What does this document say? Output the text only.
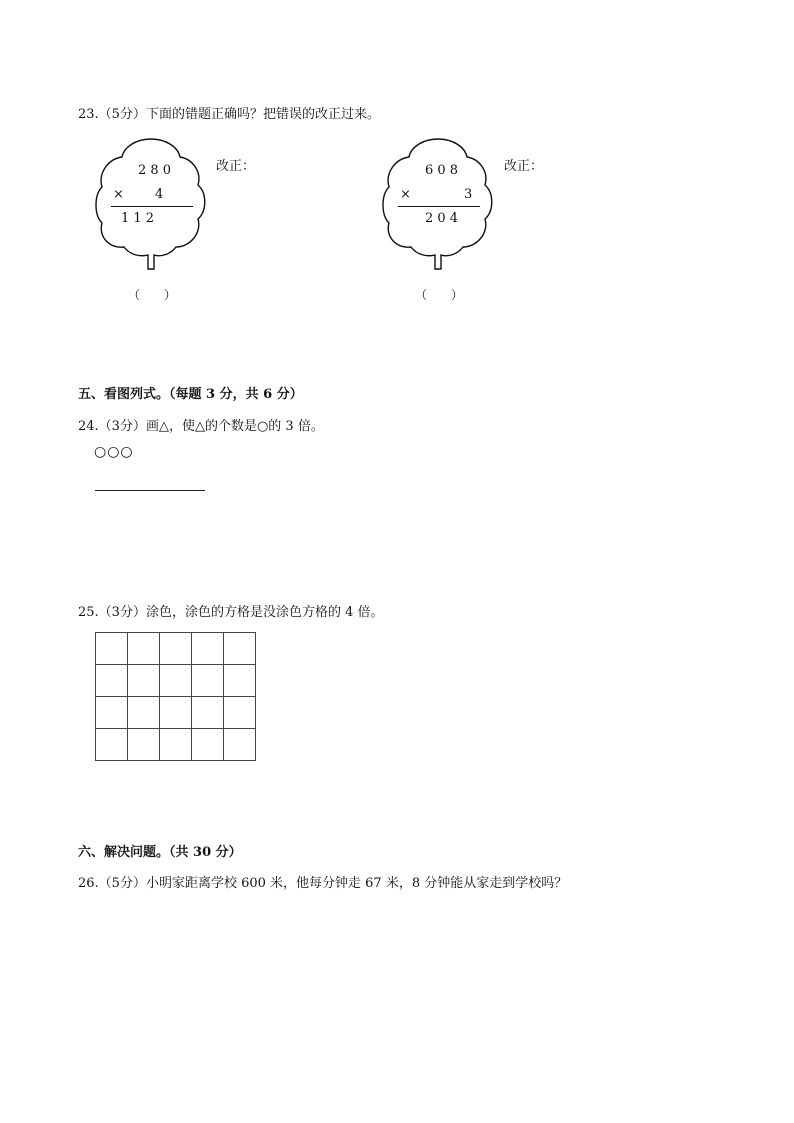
23.（5分）下面的错题正确吗？把错误的改正过来。
2 8 0
× 4
1 1 2
改正：
（　　）
6 0 8
×	3
2 0 4
改正：
（　　）
五、看图列式。（每题 3 分，共 6 分）
24.（3分）画△，使△的个数是○的 3 倍。
○○○
25.（3分）涂色，涂色的方格是没涂色方格的 4 倍。

六、解决问题。（共 30 分）
26.（5分）小明家距离学校 600 米，他每分钟走 67 米，8 分钟能从家走到学校吗？
